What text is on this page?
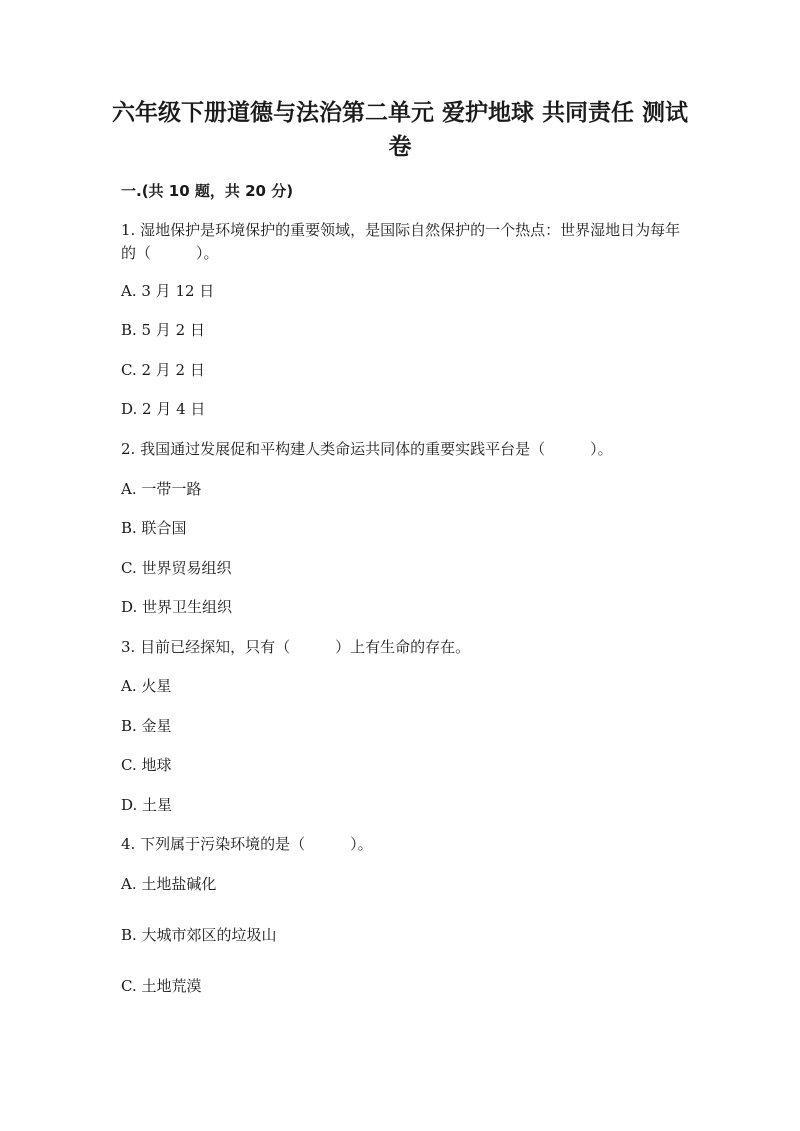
六年级下册道德与法治第二单元 爱护地球 共同责任 测试卷
一.(共 10 题，共 20 分)
1. 湿地保护是环境保护的重要领域，是国际自然保护的一个热点：世界湿地日为每年的（　　　）。
A. 3 月 12 日
B. 5 月 2 日
C. 2 月 2 日
D. 2 月 4 日
2. 我国通过发展促和平构建人类命运共同体的重要实践平台是（　　　）。
A. 一带一路
B. 联合国
C. 世界贸易组织
D. 世界卫生组织
3. 目前已经探知，只有（　　　）上有生命的存在。
A. 火星
B. 金星
C. 地球
D. 土星
4. 下列属于污染环境的是（　　　）。
A. 土地盐碱化
B. 大城市郊区的垃圾山
C. 土地荒漠
